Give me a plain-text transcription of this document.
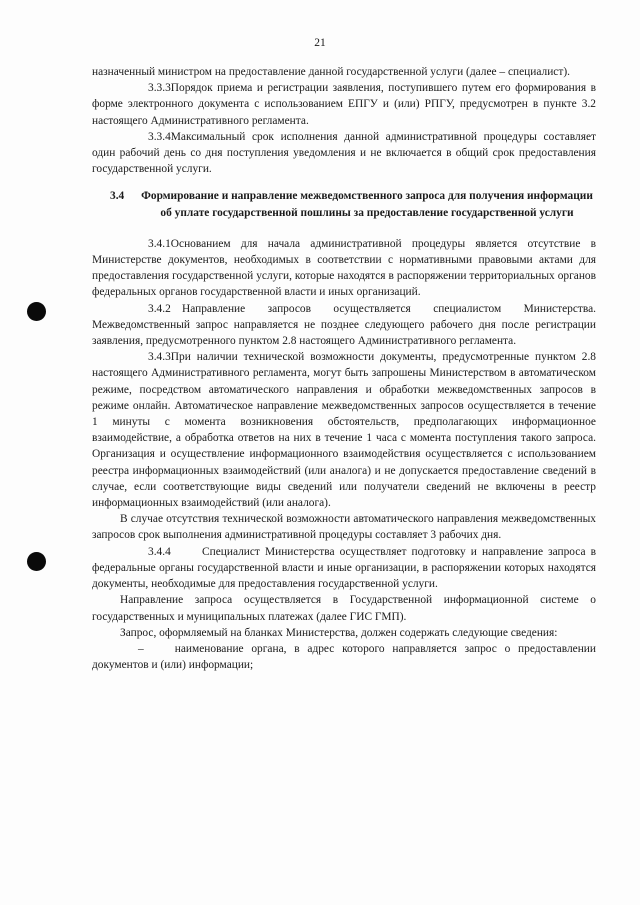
21

назначенный министром на предоставление данной государственной услуги (далее – специалист).

3.3.3Порядок приема и регистрации заявления, поступившего путем его формирования в форме электронного документа с использованием ЕПГУ и (или) РПГУ, предусмотрен в пункте 3.2 настоящего Административного регламента.

3.3.4Максимальный срок исполнения данной административной процедуры составляет один рабочий день со дня поступления уведомления и не включается в общий срок предоставления государственной услуги.

3.4 Формирование и направление межведомственного запроса для получения информации об уплате государственной пошлины за предоставление государственной услуги

3.4.1Основанием для начала административной процедуры является отсутствие в Министерстве документов, необходимых в соответствии с нормативными правовыми актами для предоставления государственной услуги, которые находятся в распоряжении территориальных органов федеральных органов государственной власти и иных организаций.

3.4.2 Направление запросов осуществляется специалистом Министерства. Межведомственный запрос направляется не позднее следующего рабочего дня после регистрации заявления, предусмотренного пунктом 2.8 настоящего Административного регламента.

3.4.3При наличии технической возможности документы, предусмотренные пунктом 2.8 настоящего Административного регламента, могут быть запрошены Министерством в автоматическом режиме, посредством автоматического направления и обработки межведомственных запросов в режиме онлайн. Автоматическое направление межведомственных запросов осуществляется в течение 1 минуты с момента возникновения обстоятельств, предполагающих информационное взаимодействие, а обработка ответов на них в течение 1 часа с момента поступления такого запроса. Организация и осуществление информационного взаимодействия осуществляется с использованием реестра информационных взаимодействий (или аналога) и не допускается предоставление сведений в случае, если соответствующие виды сведений или получатели сведений не включены в реестр информационных взаимодействий (или аналога).

В случае отсутствия технической возможности автоматического направления межведомственных запросов срок выполнения административной процедуры составляет 3 рабочих дня.

3.4.4	Специалист Министерства осуществляет подготовку и направление запроса в федеральные органы государственной власти и иные организации, в распоряжении которых находятся документы, необходимые для предоставления государственной услуги.

Направление запроса осуществляется в Государственной информационной системе о государственных и муниципальных платежах (далее ГИС ГМП).

Запрос, оформляемый на бланках Министерства, должен содержать следующие сведения:

–	наименование органа, в адрес которого направляется запрос о предоставлении документов и (или) информации;
